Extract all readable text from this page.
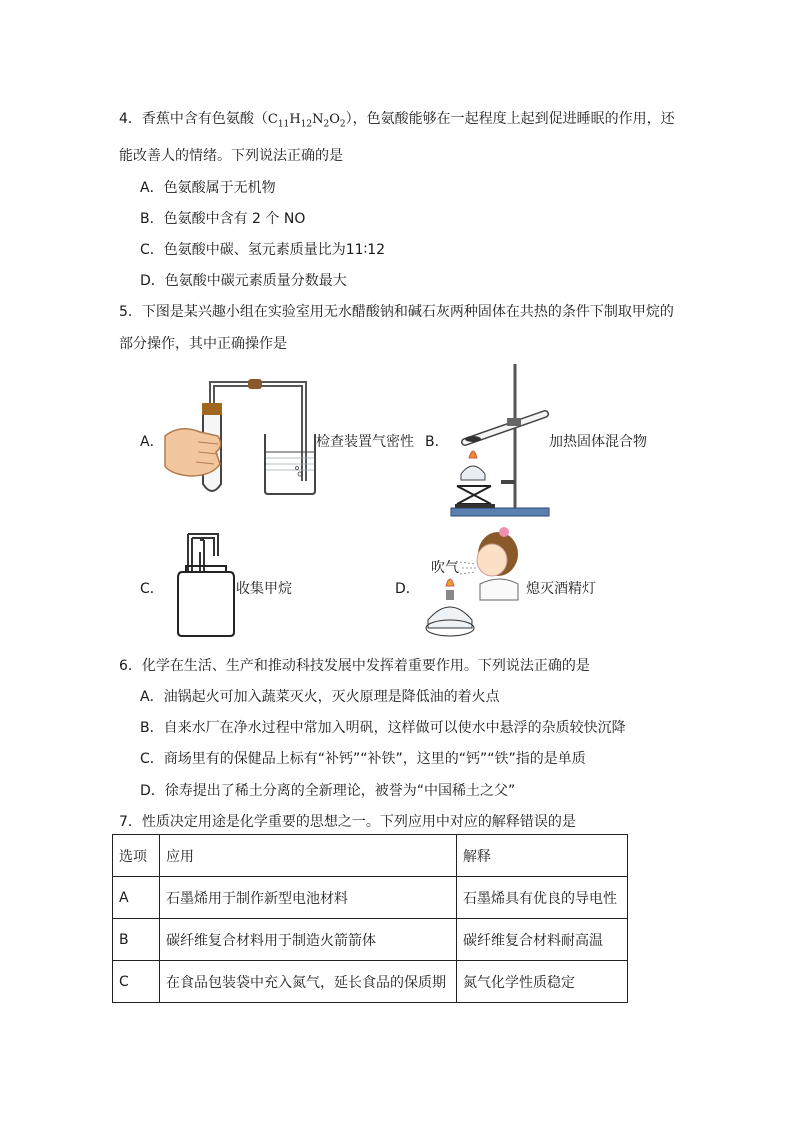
4．香蕉中含有色氨酸$(C_{11}H_{12}N_2O_2)$，色氨酸能够在一起程度上起到促进睡眠的作用，还
能改善人的情绪。下列说法正确的是
A．色氨酸属于无机物
B．色氨酸中含有 2 个 NO
C．色氨酸中碳、氢元素质量比为11∶12
D．色氨酸中碳元素质量分数最大
5．下图是某兴趣小组在实验室用无水醋酸钠和碱石灰两种固体在共热的条件下制取甲烷的
部分操作，其中正确操作是
A．	检查装置气密性 B．	加热固体混合物
C．	收集甲烷	D．	熄灭酒精灯
吹气
6．化学在生活、生产和推动科技发展中发挥着重要作用。下列说法正确的是
A．油锅起火可加入蔬菜灭火，灭火原理是降低油的着火点
B．自来水厂在净水过程中常加入明矾，这样做可以使水中悬浮的杂质较快沉降
C．商场里有的保健品上标有“补钙”“补铁”，这里的“钙”“铁”指的是单质
D．徐寿提出了稀土分离的全新理论，被誉为“中国稀土之父”
7．性质决定用途是化学重要的思想之一。下列应用中对应的解释错误的是
选项	应用	解释
A	石墨烯用于制作新型电池材料	石墨烯具有优良的导电性
B	碳纤维复合材料用于制造火箭箭体	碳纤维复合材料耐高温
C	在食品包装袋中充入氮气，延长食品的保质期	氮气化学性质稳定
